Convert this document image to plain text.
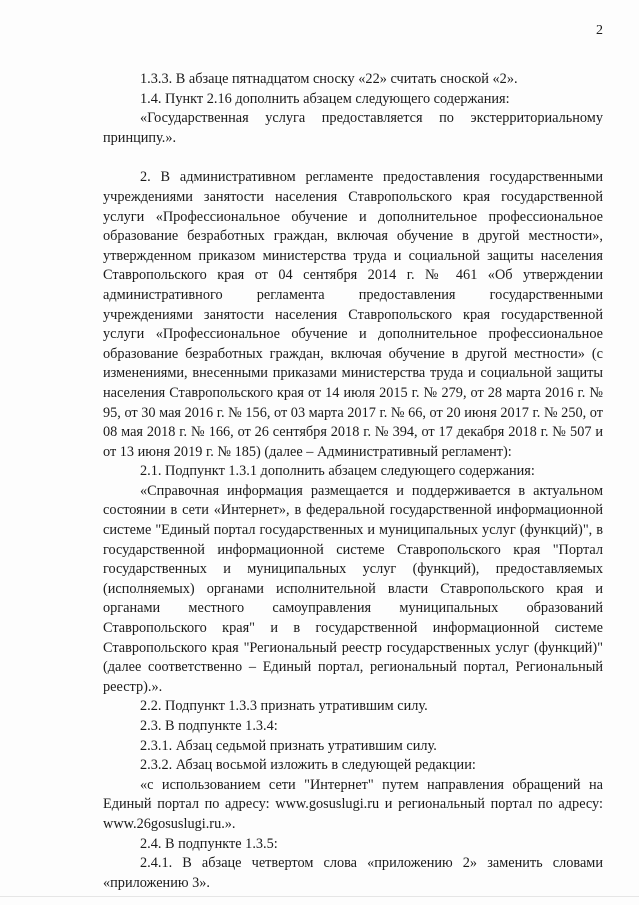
2

1.3.3. В абзаце пятнадцатом сноску «22» считать сноской «2».

1.4. Пункт 2.16 дополнить абзацем следующего содержания:

«Государственная услуга предоставляется по экстерриториальному принципу.».

2. В административном регламенте предоставления государственными учреждениями занятости населения Ставропольского края государственной услуги «Профессиональное обучение и дополнительное профессиональное образование безработных граждан, включая обучение в другой местности», утвержденном приказом министерства труда и социальной защиты населения Ставропольского края от 04 сентября 2014 г. № 461 «Об утверждении административного регламента предоставления государственными учреждениями занятости населения Ставропольского края государственной услуги «Профессиональное обучение и дополнительное профессиональное образование безработных граждан, включая обучение в другой местности» (с изменениями, внесенными приказами министерства труда и социальной защиты населения Ставропольского края от 14 июля 2015 г. № 279, от 28 марта 2016 г. № 95, от 30 мая 2016 г. № 156, от 03 марта 2017 г. № 66, от 20 июня 2017 г. № 250, от 08 мая 2018 г. № 166, от 26 сентября 2018 г. № 394, от 17 декабря 2018 г. № 507 и от 13 июня 2019 г. № 185) (далее – Административный регламент):

2.1. Подпункт 1.3.1 дополнить абзацем следующего содержания:

«Справочная информация размещается и поддерживается в актуальном состоянии в сети «Интернет», в федеральной государственной информационной системе "Единый портал государственных и муниципальных услуг (функций)", в государственной информационной системе Ставропольского края "Портал государственных и муниципальных услуг (функций), предоставляемых (исполняемых) органами исполнительной власти Ставропольского края и органами местного самоуправления муниципальных образований Ставропольского края" и в государственной информационной системе Ставропольского края "Региональный реестр государственных услуг (функций)" (далее соответственно – Единый портал, региональный портал, Региональный реестр).».

2.2. Подпункт 1.3.3 признать утратившим силу.

2.3. В подпункте 1.3.4:

2.3.1. Абзац седьмой признать утратившим силу.

2.3.2. Абзац восьмой изложить в следующей редакции:

«с использованием сети "Интернет" путем направления обращений на Единый портал по адресу: www.gosuslugi.ru и региональный портал по адресу: www.26gosuslugi.ru.».

2.4. В подпункте 1.3.5:

2.4.1. В абзаце четвертом слова «приложению 2» заменить словами «приложению 3».
